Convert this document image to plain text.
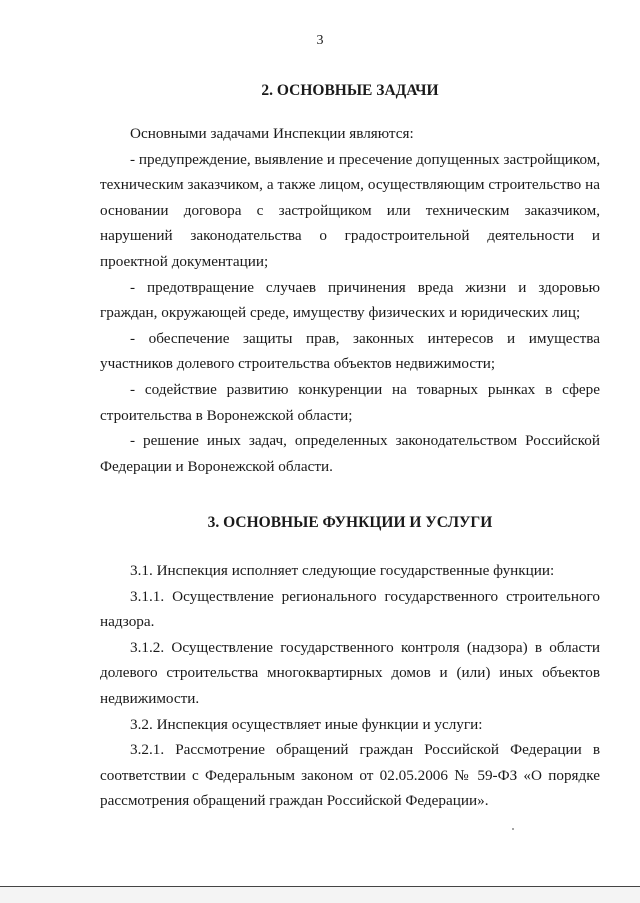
3
2. ОСНОВНЫЕ ЗАДАЧИ
Основными задачами Инспекции являются:
- предупреждение, выявление и пресечение допущенных застройщиком,
техническим заказчиком, а также лицом, осуществляющим строительство на
основании договора с застройщиком или техническим заказчиком,
нарушений законодательства о градостроительной деятельности и
проектной документации;
- предотвращение случаев причинения вреда жизни и здоровью
граждан, окружающей среде, имуществу физических и юридических лиц;
- обеспечение защиты прав, законных интересов и имущества
участников долевого строительства объектов недвижимости;
- содействие развитию конкуренции на товарных рынках в сфере
строительства в Воронежской области;
- решение иных задач, определенных законодательством Российской
Федерации и Воронежской области.
3. ОСНОВНЫЕ ФУНКЦИИ И УСЛУГИ
3.1. Инспекция исполняет следующие государственные функции:
3.1.1. Осуществление регионального государственного строительного
надзора.
3.1.2. Осуществление государственного контроля (надзора) в области
долевого строительства многоквартирных домов и (или) иных объектов
недвижимости.
3.2. Инспекция осуществляет иные функции и услуги:
3.2.1. Рассмотрение обращений граждан Российской Федерации в
соответствии с Федеральным законом от 02.05.2006 № 59-ФЗ «О порядке
рассмотрения обращений граждан Российской Федерации».
